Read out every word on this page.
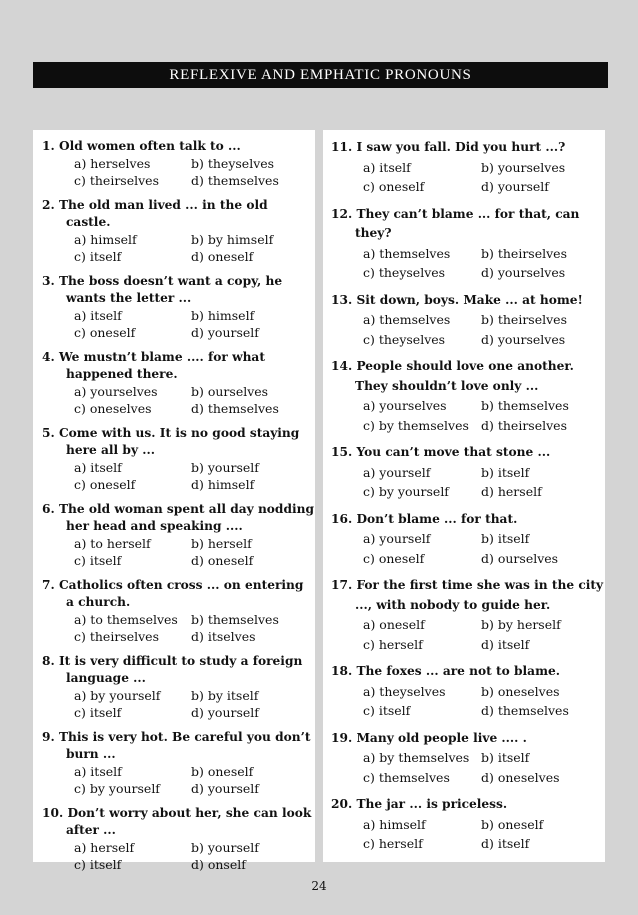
REFLEXIVE AND EMPHATIC PRONOUNS
1. Old women often talk to ...
a) herselves	b) theyselves
c) theirselves	d) themselves
2. The old man lived ... in the old castle.
a) himself	b) by himself
c) itself	d) oneself
3. The boss doesn’t want a copy, he wants the letter ...
a) itself	b) himself
c) oneself	d) yourself
4. We mustn’t blame .... for what happened there.
a) yourselves	b) ourselves
c) oneselves	d) themselves
5. Come with us. It is no good staying here all by ...
a) itself	b) yourself
c) oneself	d) himself
6. The old woman spent all day nodding her head and speaking ....
a) to herself	b) herself
c) itself	d) oneself
7. Catholics often cross ... on entering a church.
a) to themselves	b) themselves
c) theirselves	d) itselves
8. It is very difficult to study a foreign language ...
a) by yourself	b) by itself
c) itself	d) yourself
9. This is very hot. Be careful you don’t burn ...
a) itself	b) oneself
c) by yourself	d) yourself
10. Don’t worry about her, she can look after ...
a) herself	b) yourself
c) itself	d) onself
11. I saw you fall. Did you hurt ...?
a) itself	b) yourselves
c) oneself	d) yourself
12. They can’t blame ... for that, can they?
a) themselves	b) theirselves
c) theyselves	d) yourselves
13. Sit down, boys. Make ... at home!
a) themselves	b) theirselves
c) theyselves	d) yourselves
14. People should love one another. They shouldn’t love only ...
a) yourselves	b) themselves
c) by themselves d) theirselves
15. You can’t move that stone ...
a) yourself	b) itself
c) by yourself	d) herself
16. Don’t blame ... for that.
a) yourself	b) itself
c) oneself	d) ourselves
17. For the first time she was in the city ..., with nobody to guide her.
a) oneself	b) by herself
c) herself	d) itself
18. The foxes ... are not to blame.
a) theyselves	b) oneselves
c) itself	d) themselves
19. Many old people live .... .
a) by themselves b) itself
c) themselves	d) oneselves
20. The jar ... is priceless.
a) himself	b) oneself
c) herself	d) itself
24
